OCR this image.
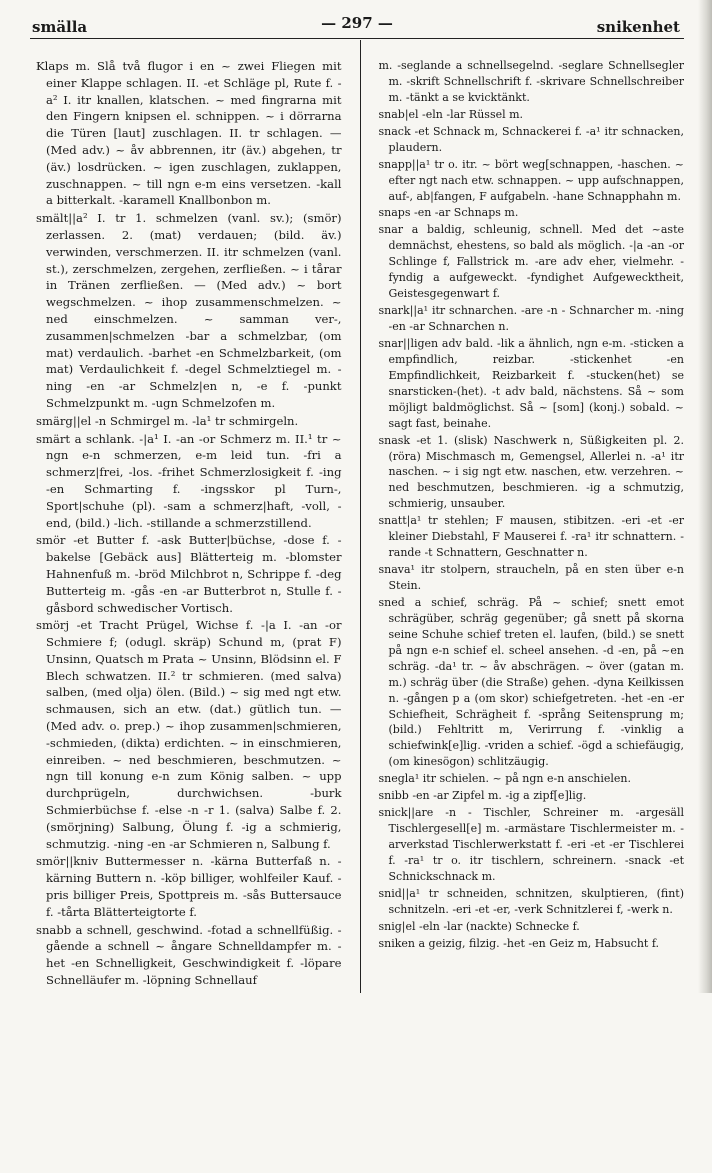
smälla	— 297 —	snikenhet

Klaps m. Slå två flugor i en ~ zwei Fliegen mit einer Klappe schlagen. II. -et Schläge pl, Rute f. -a² I. itr knallen, klatschen. ~ med fingrarna mit den Fingern knipsen el. schnippen. ~ i dörrarna die Türen [laut] zuschlagen. II. tr schlagen. — (Med adv.) ~ åv abbrennen, itr (äv.) abgehen, tr (äv.) losdrücken. ~ igen zuschlagen, zuklappen, zuschnappen. ~ till ngn e-m eins versetzen. -kall a bitterkalt. -karamell Knallbonbon m.

smält||a² I. tr 1. schmelzen (vanl. sv.); (smör) zerlassen. 2. (mat) verdauen; (bild. äv.) verwinden, verschmerzen. II. itr schmelzen (vanl. st.), zerschmelzen, zergehen, zerfließen. ~ i tårar in Tränen zerfließen. — (Med adv.) ~ bort wegschmelzen. ~ ihop zusammenschmelzen. ~ ned einschmelzen. ~ samman ver-, zusammen|schmelzen -bar a schmelzbar, (om mat) verdaulich. -barhet -en Schmelzbarkeit, (om mat) Verdaulichkeit f. -degel Schmelztiegel m. -ning -en -ar Schmelz|en n, -e f. -punkt Schmelzpunkt m. -ugn Schmelzofen m.

smärg||el -n Schmirgel m. -la¹ tr schmirgeln.

smärt a schlank. -|a¹ I. -an -or Schmerz m. II.¹ tr ~ ngn e-n schmerzen, e-m leid tun. -fri a schmerz|frei, -los. -frihet Schmerzlosigkeit f. -ing -en Schmarting f. -ingsskor pl Turn-, Sport|schuhe (pl). -sam a schmerz|haft, -voll, -end, (bild.) -lich. -stillande a schmerzstillend.

smör -et Butter f. -ask Butter|büchse, -dose f. -bakelse [Gebäck aus] Blätterteig m. -blomster Hahnenfuß m. -bröd Milchbrot n, Schrippe f. -deg Butterteig m. -gås -en -ar Butterbrot n, Stulle f. -gåsbord schwedischer Vortisch.

smörj -et Tracht Prügel, Wichse f. -|a I. -an -or Schmiere f; (odugl. skräp) Schund m, (prat F) Unsinn, Quatsch m Prata ~ Unsinn, Blödsinn el. F Blech schwatzen. II.² tr schmieren. (med salva) salben, (med olja) ölen. (Bild.) ~ sig med ngt etw. schmausen, sich an etw. (dat.) gütlich tun. — (Med adv. o. prep.) ~ ihop zusammen|schmieren, -schmieden, (dikta) erdichten. ~ in einschmieren, einreiben. ~ ned beschmieren, beschmutzen. ~ ngn till konung e-n zum König salben. ~ upp durchprügeln, durchwichsen. -burk Schmierbüchse f. -else -n -r 1. (salva) Salbe f. 2. (smörjning) Salbung, Ölung f. -ig a schmierig, schmutzig. -ning -en -ar Schmieren n, Salbung f.

smör||kniv Buttermesser n. -kärna Butterfaß n. -kärning Buttern n. -köp billiger, wohlfeiler Kauf. -pris billiger Preis, Spottpreis m. -sås Buttersauce f. -tårta Blätterteigtorte f.

snabb a schnell, geschwind. -fotad a schnellfüßig. -gående a schnell ~ ångare Schnelldampfer m. -het -en Schnelligkeit, Geschwindigkeit f. -löpare Schnelläufer m. -löpning Schnellauf

m. -seglande a schnellsegelnd. -seglare Schnellsegler m. -skrift Schnellschrift f. -skrivare Schnellschreiber m. -tänkt a se kvicktänkt.

snab|el -eln -lar Rüssel m.

snack -et Schnack m, Schnackerei f. -a¹ itr schnacken, plaudern.

snapp||a¹ tr o. itr. ~ bört weg[schnappen, -haschen. ~ efter ngt nach etw. schnappen. ~ upp aufschnappen, auf-, ab|fangen, F aufgabeln. -hane Schnapphahn m.

snaps -en -ar Schnaps m.

snar a baldig, schleunig, schnell. Med det ~aste demnächst, ehestens, so bald als möglich. -|a -an -or Schlinge f, Fallstrick m. -are adv eher, vielmehr. -fyndig a aufgeweckt. -fyndighet Aufgewecktheit, Geistesgegenwart f.

snark||a¹ itr schnarchen. -are -n - Schnarcher m. -ning -en -ar Schnarchen n.

snar||ligen adv bald. -lik a ähnlich, ngn e-m. -sticken a empfindlich, reizbar. -stickenhet -en Empfindlichkeit, Reizbarkeit f. -stucken(het) se snarsticken-(het). -t adv bald, nächstens. Så ~ som möjligt baldmöglichst. Så ~ [som] (konj.) sobald. ~ sagt fast, beinahe.

snask -et 1. (slisk) Naschwerk n, Süßigkeiten pl. 2. (röra) Mischmasch m, Gemengsel, Allerlei n. -a¹ itr naschen. ~ i sig ngt etw. naschen, etw. verzehren. ~ ned beschmutzen, beschmieren. -ig a schmutzig, schmierig, unsauber.

snatt|a¹ tr stehlen; F mausen, stibitzen. -eri -et -er kleiner Diebstahl, F Mauserei f. -ra¹ itr schnattern. -rande -t Schnattern, Geschnatter n.

snava¹ itr stolpern, straucheln, på en sten über e-n Stein.

sned a schief, schräg. På ~ schief; snett emot schrägüber, schräg gegenüber; gå snett på skorna seine Schuhe schief treten el. laufen, (bild.) se snett på ngn e-n schief el. scheel ansehen. -d -en, på ~en schräg. -da¹ tr. ~ åv abschrägen. ~ över (gatan m. m.) schräg über (die Straße) gehen. -dyna Keilkissen n. -gången p a (om skor) schiefgetreten. -het -en -er Schiefheit, Schrägheit f. -språng Seitensprung m; (bild.) Fehltritt m, Verirrung f. -vinklig a schiefwink[e]lig. -vriden a schief. -ögd a schiefäugig, (om kinesögon) schlitzäugig.

snegla¹ itr schielen. ~ på ngn e-n anschielen.

snibb -en -ar Zipfel m. -ig a zipf[e]lig.

snick||are -n - Tischler, Schreiner m. -argesäll Tischlergesell[e] m. -armästare Tischlermeister m. -arverkstad Tischlerwerkstatt f. -eri -et -er Tischlerei f. -ra¹ tr o. itr tischlern, schreinern. -snack -et Schnickschnack m.

snid||a¹ tr schneiden, schnitzen, skulptieren, (fint) schnitzeln. -eri -et -er, -verk Schnitzlerei f, -werk n.

snig|el -eln -lar (nackte) Schnecke f.

sniken a geizig, filzig. -het -en Geiz m, Habsucht f.
